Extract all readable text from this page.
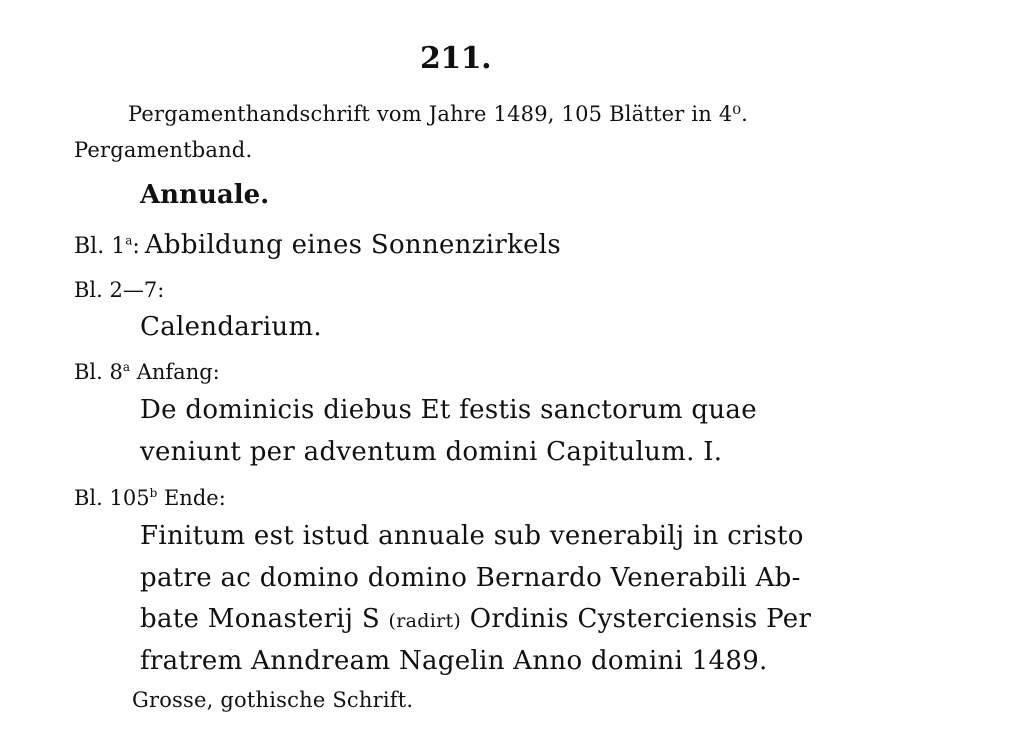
211.
Pergamenthandschrift vom Jahre 1489, 105 Blätter in 4⁰.
Pergamentband.
Annuale.
Bl. 1$^a$: Abbildung eines Sonnenzirkels
Bl. 2—7:
Calendarium.
Bl. 8$^a$ Anfang:
De dominicis diebus Et festis sanctorum quae
veniunt per adventum domini Capitulum. I.
Bl. 105$^b$ Ende:
Finitum est istud annuale sub venerabilj in cristo
patre ac domino domino Bernardo Venerabili Ab-
bate Monasterij S (radirt) Ordinis Cysterciensis Per
fratrem Anndream Nagelin Anno domini 1489.
Grosse, gothische Schrift.
